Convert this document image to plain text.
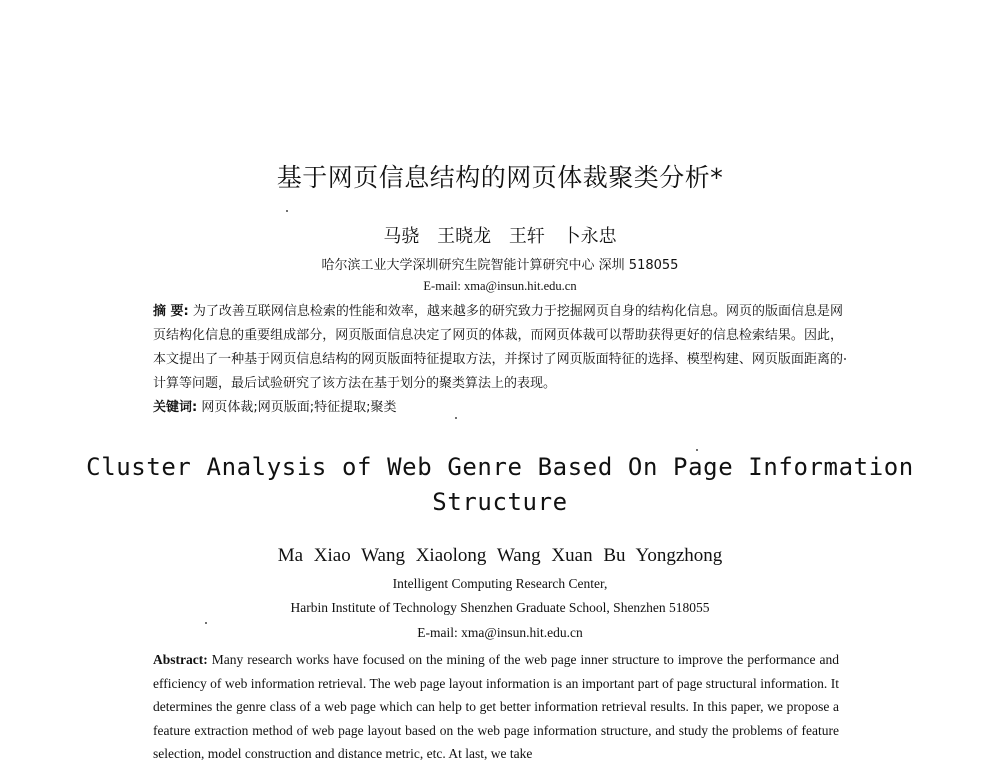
基于网页信息结构的网页体裁聚类分析*
马骁 王晓龙 王轩 卜永忠
哈尔滨工业大学深圳研究生院智能计算研究中心 深圳 518055
E-mail: xma@insun.hit.edu.cn
摘 要: 为了改善互联网信息检索的性能和效率，越来越多的研究致力于挖掘网页自身的结构化信息。网页的版面信息是网页结构化信息的重要组成部分，网页版面信息决定了网页的体裁，而网页体裁可以帮助获得更好的信息检索结果。因此，本文提出了一种基于网页信息结构的网页版面特征提取方法，并探讨了网页版面特征的选择、模型构建、网页版面距离的计算等问题，最后试验研究了该方法在基于划分的聚类算法上的表现。
关键词: 网页体裁;网页版面;特征提取;聚类
Cluster Analysis of Web Genre Based On Page Information
Structure
Ma Xiao Wang Xiaolong Wang Xuan Bu Yongzhong
Intelligent Computing Research Center,
Harbin Institute of Technology Shenzhen Graduate School, Shenzhen 518055
E-mail: xma@insun.hit.edu.cn
Abstract: Many research works have focused on the mining of the web page inner structure to improve the performance and efficiency of web information retrieval. The web page layout information is an important part of page structural information. It determines the genre class of a web page which can help to get better information retrieval results. In this paper, we propose a feature extraction method of web page layout based on the web page information structure, and study the problems of feature selection, model construction and distance metric, etc. At last, we take
